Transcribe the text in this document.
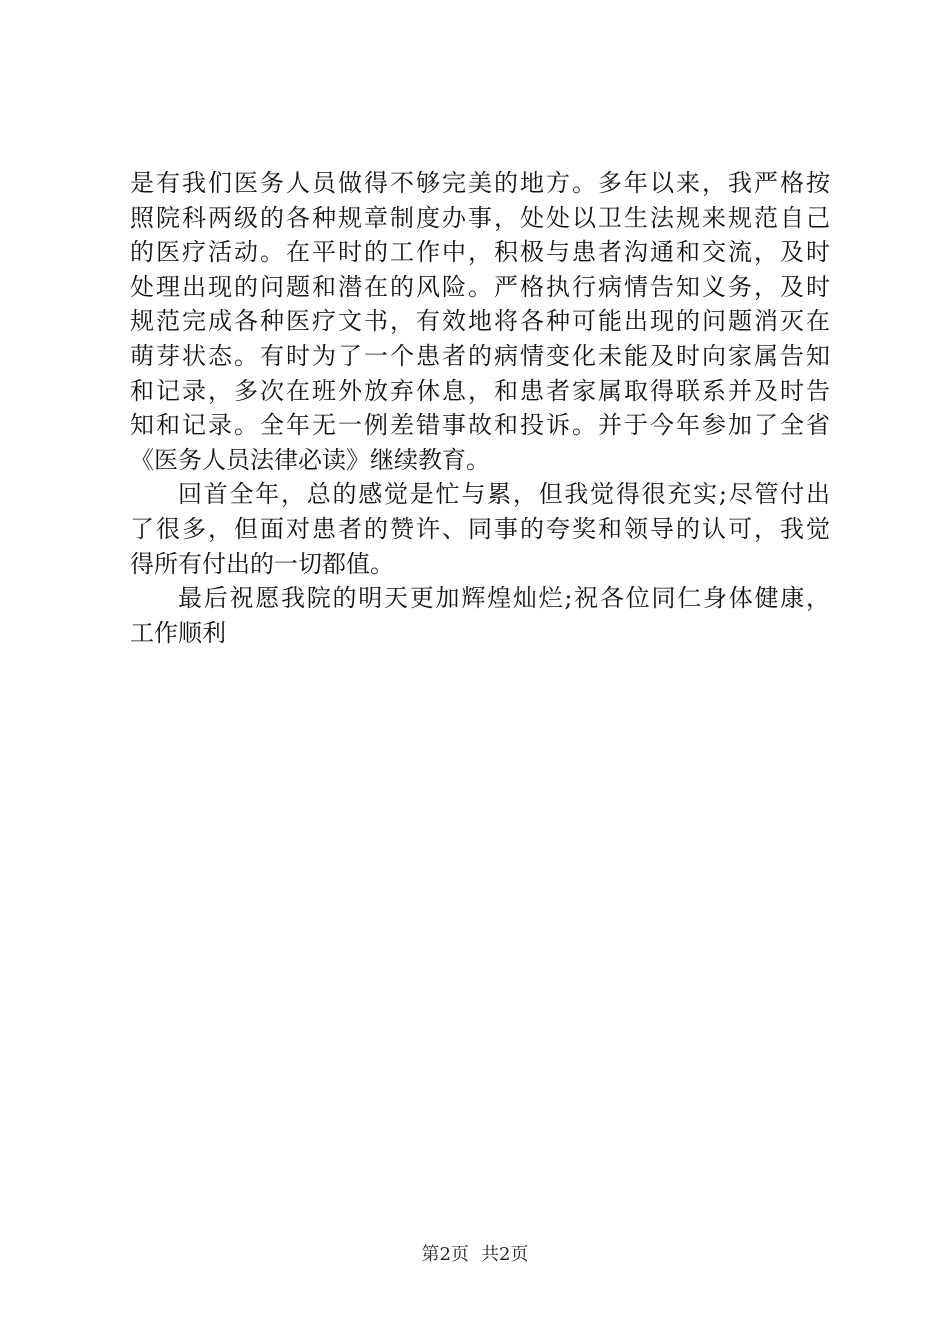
是有我们医务人员做得不够完美的地方。多年以来，我严格按
照院科两级的各种规章制度办事，处处以卫生法规来规范自己
的医疗活动。在平时的工作中，积极与患者沟通和交流，及时
处理出现的问题和潜在的风险。严格执行病情告知义务，及时
规范完成各种医疗文书，有效地将各种可能出现的问题消灭在
萌芽状态。有时为了一个患者的病情变化未能及时向家属告知
和记录，多次在班外放弃休息，和患者家属取得联系并及时告
知和记录。全年无一例差错事故和投诉。并于今年参加了全省
《医务人员法律必读》继续教育。
回首全年，总的感觉是忙与累，但我觉得很充实;尽管付出
了很多，但面对患者的赞许、同事的夸奖和领导的认可，我觉
得所有付出的一切都值。
最后祝愿我院的明天更加辉煌灿烂;祝各位同仁身体健康，
工作顺利
第2页 共2页
